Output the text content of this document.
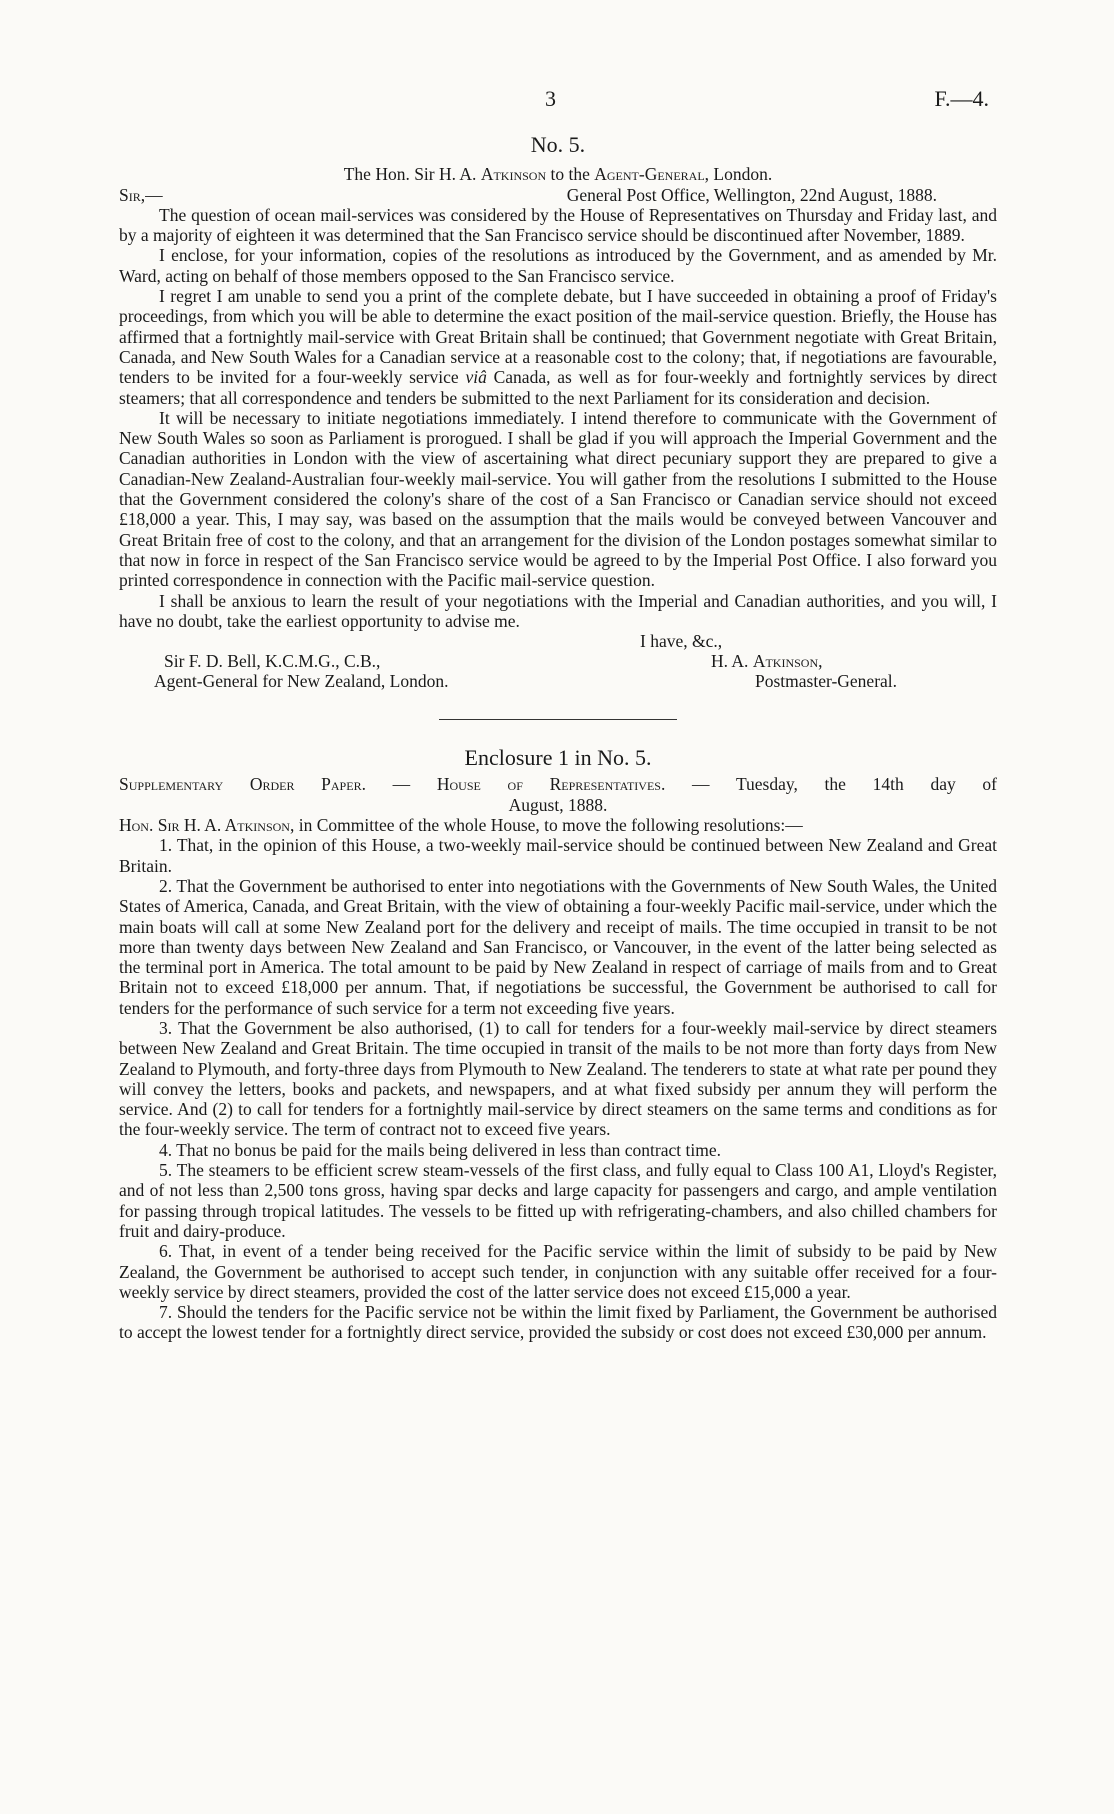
3	F.—4.
No. 5.
The Hon. Sir H. A. Atkinson to the Agent-General, London.
Sir,—	General Post Office, Wellington, 22nd August, 1888.

The question of ocean mail-services was considered by the House of Representatives on Thursday and Friday last, and by a majority of eighteen it was determined that the San Francisco service should be discontinued after November, 1889.

I enclose, for your information, copies of the resolutions as introduced by the Government, and as amended by Mr. Ward, acting on behalf of those members opposed to the San Francisco service.

I regret I am unable to send you a print of the complete debate, but I have succeeded in obtaining a proof of Friday's proceedings, from which you will be able to determine the exact position of the mail-service question. Briefly, the House has affirmed that a fortnightly mail-service with Great Britain shall be continued; that Government negotiate with Great Britain, Canada, and New South Wales for a Canadian service at a reasonable cost to the colony; that, if negotiations are favourable, tenders to be invited for a four-weekly service viâ Canada, as well as for four-weekly and fortnightly services by direct steamers; that all correspondence and tenders be submitted to the next Parliament for its consideration and decision.

It will be necessary to initiate negotiations immediately. I intend therefore to communicate with the Government of New South Wales so soon as Parliament is prorogued. I shall be glad if you will approach the Imperial Government and the Canadian authorities in London with the view of ascertaining what direct pecuniary support they are prepared to give a Canadian-New Zealand-Australian four-weekly mail-service. You will gather from the resolutions I submitted to the House that the Government considered the colony's share of the cost of a San Francisco or Canadian service should not exceed £18,000 a year. This, I may say, was based on the assumption that the mails would be conveyed between Vancouver and Great Britain free of cost to the colony, and that an arrangement for the division of the London postages somewhat similar to that now in force in respect of the San Francisco service would be agreed to by the Imperial Post Office. I also forward you printed correspondence in connection with the Pacific mail-service question.

I shall be anxious to learn the result of your negotiations with the Imperial and Canadian authorities, and you will, I have no doubt, take the earliest opportunity to advise me.

I have, &c.,
Sir F. D. Bell, K.C.M.G., C.B.,
Agent-General for New Zealand, London.
H. A. Atkinson,
Postmaster-General.
Enclosure 1 in No. 5.
Supplementary Order Paper. — House of Representatives. — Tuesday, the 14th day of
August, 1888.

Hon. Sir H. A. Atkinson, in Committee of the whole House, to move the following resolutions:—

1. That, in the opinion of this House, a two-weekly mail-service should be continued between New Zealand and Great Britain.

2. That the Government be authorised to enter into negotiations with the Governments of New South Wales, the United States of America, Canada, and Great Britain, with the view of obtaining a four-weekly Pacific mail-service, under which the main boats will call at some New Zealand port for the delivery and receipt of mails. The time occupied in transit to be not more than twenty days between New Zealand and San Francisco, or Vancouver, in the event of the latter being selected as the terminal port in America. The total amount to be paid by New Zealand in respect of carriage of mails from and to Great Britain not to exceed £18,000 per annum. That, if negotiations be successful, the Government be authorised to call for tenders for the performance of such service for a term not exceeding five years.

3. That the Government be also authorised, (1) to call for tenders for a four-weekly mail-service by direct steamers between New Zealand and Great Britain. The time occupied in transit of the mails to be not more than forty days from New Zealand to Plymouth, and forty-three days from Plymouth to New Zealand. The tenderers to state at what rate per pound they will convey the letters, books and packets, and newspapers, and at what fixed subsidy per annum they will perform the service. And (2) to call for tenders for a fortnightly mail-service by direct steamers on the same terms and conditions as for the four-weekly service. The term of contract not to exceed five years.

4. That no bonus be paid for the mails being delivered in less than contract time.

5. The steamers to be efficient screw steam-vessels of the first class, and fully equal to Class 100 A1, Lloyd's Register, and of not less than 2,500 tons gross, having spar decks and large capacity for passengers and cargo, and ample ventilation for passing through tropical latitudes. The vessels to be fitted up with refrigerating-chambers, and also chilled chambers for fruit and dairy-produce.

6. That, in event of a tender being received for the Pacific service within the limit of subsidy to be paid by New Zealand, the Government be authorised to accept such tender, in conjunction with any suitable offer received for a four-weekly service by direct steamers, provided the cost of the latter service does not exceed £15,000 a year.

7. Should the tenders for the Pacific service not be within the limit fixed by Parliament, the Government be authorised to accept the lowest tender for a fortnightly direct service, provided the subsidy or cost does not exceed £30,000 per annum.
